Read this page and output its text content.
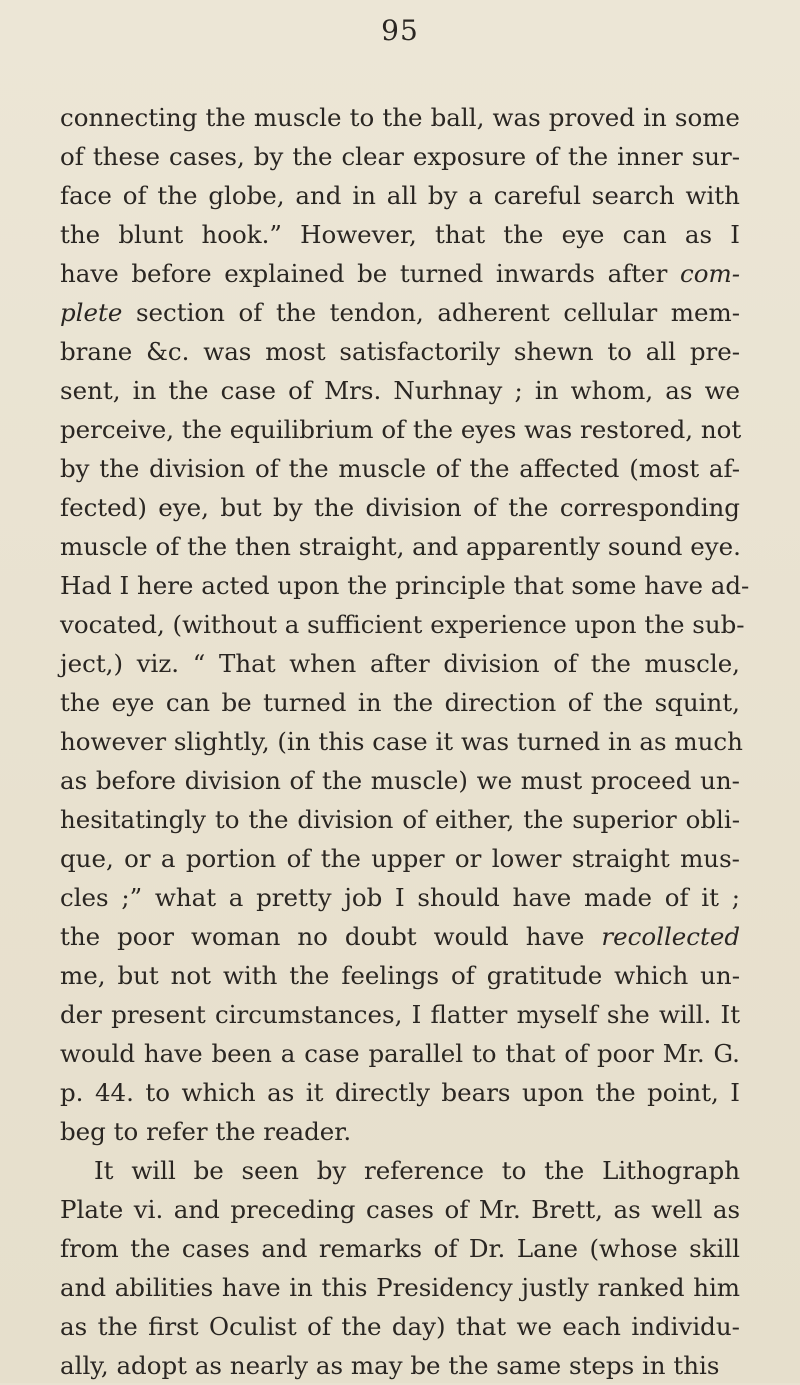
95
connecting the muscle to the ball, was proved in some
of these cases, by the clear exposure of the inner sur-
face of the globe, and in all by a careful search with
the blunt hook.” However, that the eye can as I
have before explained be turned inwards after com-
plete section of the tendon, adherent cellular mem-
brane &c. was most satisfactorily shewn to all pre-
sent, in the case of Mrs. Nurhnay ; in whom, as we
perceive, the equilibrium of the eyes was restored, not
by the division of the muscle of the affected (most af-
fected) eye, but by the division of the corresponding
muscle of the then straight, and apparently sound eye.
Had I here acted upon the principle that some have ad-
vocated, (without a sufficient experience upon the sub-
ject,) viz. “ That when after division of the muscle,
the eye can be turned in the direction of the squint,
however slightly, (in this case it was turned in as much
as before division of the muscle) we must proceed un-
hesitatingly to the division of either, the superior obli-
que, or a portion of the upper or lower straight mus-
cles ;” what a pretty job I should have made of it ;
the poor woman no doubt would have recollected
me, but not with the feelings of gratitude which un-
der present circumstances, I flatter myself she will. It
would have been a case parallel to that of poor Mr. G.
p. 44. to which as it directly bears upon the point, I
beg to refer the reader.
It will be seen by reference to the Lithograph
Plate vi. and preceding cases of Mr. Brett, as well as
from the cases and remarks of Dr. Lane (whose skill
and abilities have in this Presidency justly ranked him
as the first Oculist of the day) that we each individu-
ally, adopt as nearly as may be the same steps in this
